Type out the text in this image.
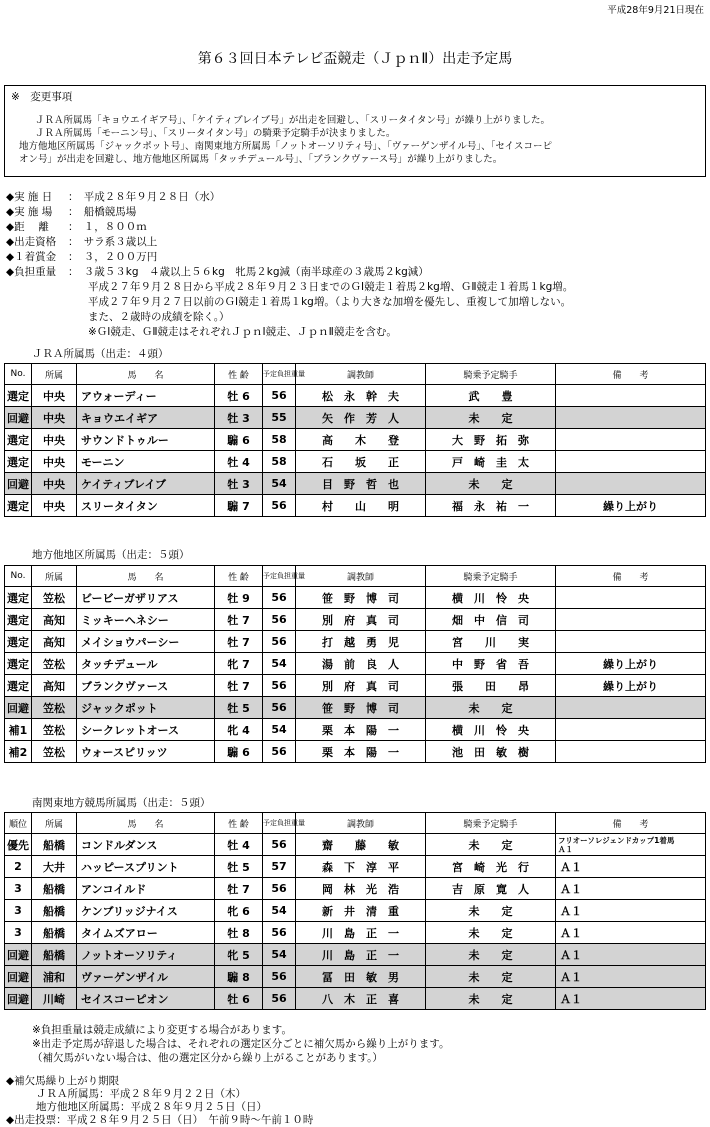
平成28年9月21日現在
第６３回日本テレビ盃競走（ＪｐｎⅡ）出走予定馬
※　変更事項
ＪＲＡ所属馬「キョウエイギア号」、「ケイティブレイブ号」が出走を回避し、「スリータイタン号」が繰り上がりました。
ＪＲＡ所属馬「モーニン号」、「スリータイタン号」の騎乗予定騎手が決まりました。
地方他地区所属馬「ジャックポット号」、南関東地方所属馬「ノットオーソリティ号」、「ヴァーゲンザイル号」、「セイスコーピ
オン号」が出走を回避し、地方他地区所属馬「タッチデュール号」、「ブランクヴァース号」が繰り上がりました。
◆実 施 日	：　平成２８年９月２８日（水）
◆実 施 場	：　船橋競馬場
◆距　 離	：　１，８００ｍ
◆出走資格	：　サラ系３歳以上
◆１着賞金	：　３，２００万円
◆負担重量	：　３歳５３kg　４歳以上５６kg　牝馬２kg減（南半球産の３歳馬２kg減）
平成２７年９月２８日から平成２８年９月２３日までのＧⅠ競走１着馬２kg増、ＧⅡ競走１着馬１kg増。
平成２７年９月２７日以前のＧⅠ競走１着馬１kg増。（より大きな加増を優先し、重複して加増しない。
また、２歳時の成績を除く。）
※ＧⅠ競走、ＧⅡ競走はそれぞれＪｐｎⅠ競走、ＪｐｎⅡ競走を含む。
ＪＲＡ所属馬（出走：４頭）
No.	所属	馬　　名	性 齢	予定負担重量	調教師	騎乗予定騎手	備　　考
選定	中央	アウォーディー	牡 6	56	松　永　幹　夫	武　　豊	
回避	中央	キョウエイギア	牡 3	55	矢　作　芳　人	未　　定	
選定	中央	サウンドトゥルー	騸 6	58	高　　木　　登	大　野　拓　弥	
選定	中央	モーニン	牡 4	58	石　　坂　　正	戸　崎　圭　太	
回避	中央	ケイティブレイブ	牡 3	54	目　野　哲　也	未　　定	
選定	中央	スリータイタン	騸 7	56	村　　山　　明	福　永　祐　一	繰り上がり
地方他地区所属馬（出走：５頭）
No.	所属	馬　　名	性 齢	予定負担重量	調教師	騎乗予定騎手	備　　考
選定	笠松	ビービーガザリアス	牡 9	56	笹　野　博　司	横　川　怜　央	
選定	高知	ミッキーヘネシー	牡 7	56	別　府　真　司	畑　中　信　司	
選定	高知	メイショウパーシー	牡 7	56	打　越　勇　児	宮　　川　　実	
選定	笠松	タッチデュール	牝 7	54	湯　前　良　人	中　野　省　吾	繰り上がり
選定	高知	ブランクヴァース	牡 7	56	別　府　真　司	張　　田　　昂	繰り上がり
回避	笠松	ジャックポット	牡 5	56	笹　野　博　司	未　　定	
補1	笠松	シークレットオース	牝 4	54	栗　本　陽　一	横　川　怜　央	
補2	笠松	ウォースピリッツ	騸 6	56	栗　本　陽　一	池　田　敏　樹	
南関東地方競馬所属馬（出走：５頭）
順位	所属	馬　　名	性 齢	予定負担重量	調教師	騎乗予定騎手	備　　考
優先	船橋	コンドルダンス	牡 4	56	齋　　藤　　敏	未　　定	フリオーソレジェンドカップ1着馬
Ａ１
2	大井	ハッピースプリント	牡 5	57	森　下　淳　平	宮　崎　光　行	Ａ１
3	船橋	アンコイルド	牡 7	56	岡　林　光　浩	吉　原　寛　人	Ａ１
3	船橋	ケンブリッジナイス	牝 6	54	新　井　清　重	未　　定	Ａ１
3	船橋	タイムズアロー	牡 8	56	川　島　正　一	未　　定	Ａ１
回避	船橋	ノットオーソリティ	牝 5	54	川　島　正　一	未　　定	Ａ１
回避	浦和	ヴァーゲンザイル	騸 8	56	冨　田　敏　男	未　　定	Ａ１
回避	川崎	セイスコーピオン	牡 6	56	八　木　正　喜	未　　定	Ａ１
※負担重量は競走成績により変更する場合があります。
※出走予定馬が辞退した場合は、それぞれの選定区分ごとに補欠馬から繰り上がります。
（補欠馬がいない場合は、他の選定区分から繰り上がることがあります。）
◆補欠馬繰り上がり期限
ＪＲＡ所属馬：平成２８年９月２２日（木）
地方他地区所属馬：平成２８年９月２５日（日）
◆出走投票：平成２８年９月２５日（日）　午前９時～午前１０時
